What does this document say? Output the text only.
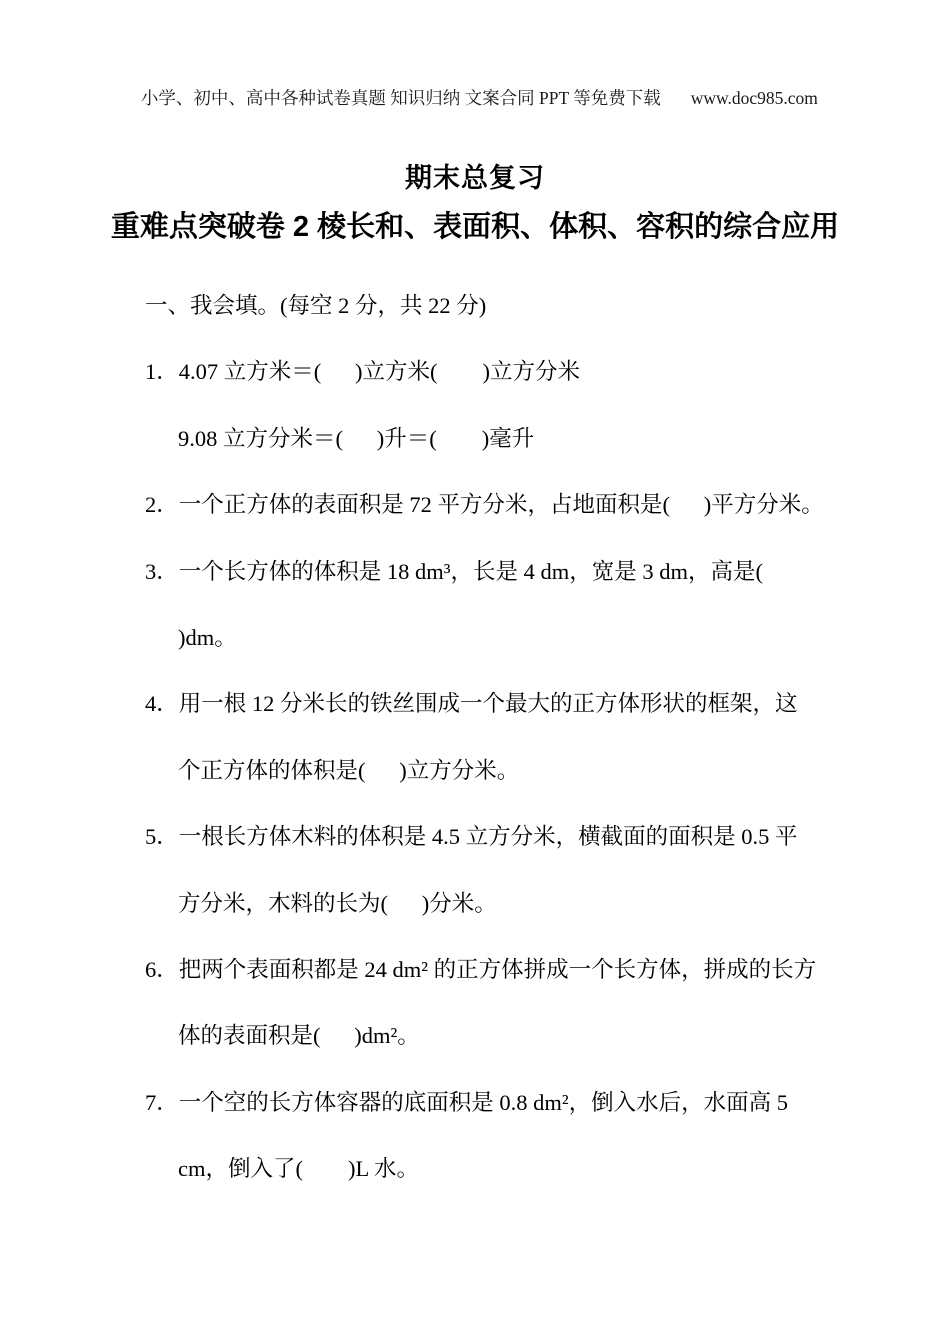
小学、初中、高中各种试卷真题 知识归纳 文案合同 PPT 等免费下载 www.doc985.com

期末总复习
重难点突破卷 2 棱长和、表面积、体积、容积的综合应用
一、我会填。(每空 2 分，共 22 分)
1．4.07 立方米＝(      )立方米(        )立方分米
9.08 立方分米＝(      )升＝(        )毫升
2．一个正方体的表面积是 72 平方分米，占地面积是(      )平方分米。
3．一个长方体的体积是 18 dm³，长是 4 dm，宽是 3 dm，高是(
)dm。
4．用一根 12 分米长的铁丝围成一个最大的正方体形状的框架，这
个正方体的体积是(      )立方分米。
5．一根长方体木料的体积是 4.5 立方分米，横截面的面积是 0.5 平
方分米，木料的长为(      )分米。
6．把两个表面积都是 24 dm² 的正方体拼成一个长方体，拼成的长方
体的表面积是(      )dm²。
7．一个空的长方体容器的底面积是 0.8 dm²，倒入水后，水面高 5
cm，倒入了(        )L 水。
